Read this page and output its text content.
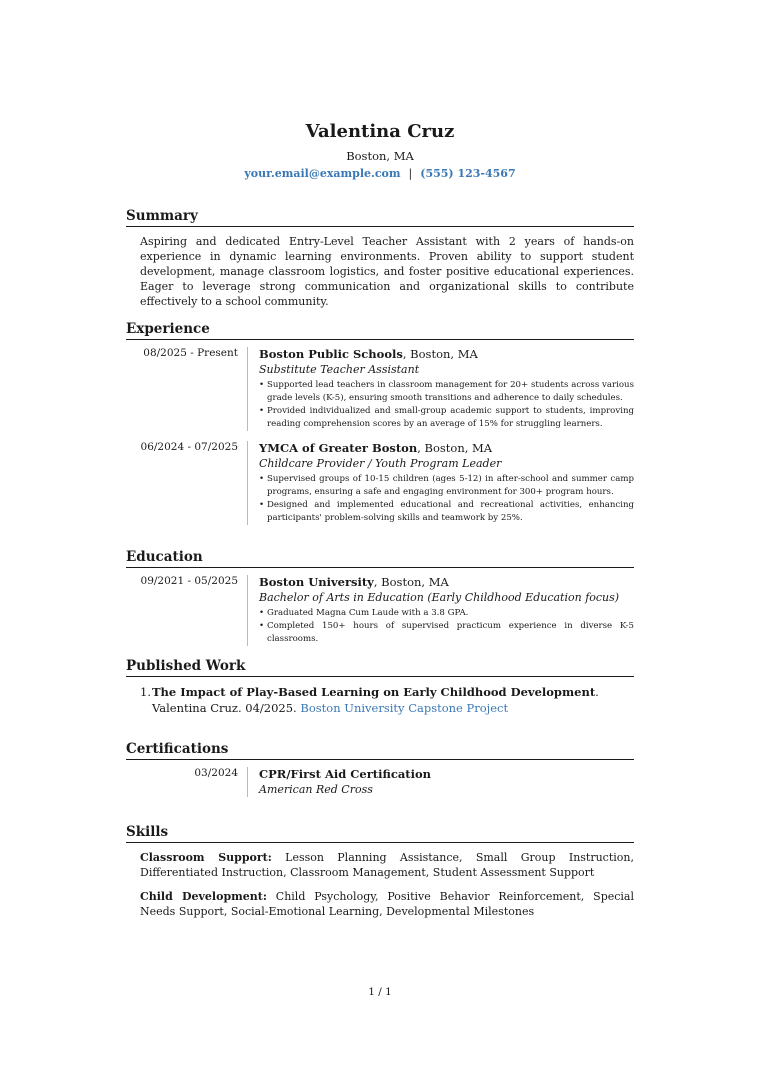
Valentina Cruz
Boston, MA
your.email@example.com | (555) 123-4567
Summary
Aspiring and dedicated Entry-Level Teacher Assistant with 2 years of hands-on experience in dynamic learning environments. Proven ability to support student development, manage classroom logistics, and foster positive educational experiences. Eager to leverage strong communication and organizational skills to contribute effectively to a school community.
Experience
08/2025 - Present Boston Public Schools, Boston, MA
Substitute Teacher Assistant
• Supported lead teachers in classroom management for 20+ students across various grade levels (K-5), ensuring smooth transitions and adherence to daily schedules.
• Provided individualized and small-group academic support to students, improving reading comprehension scores by an average of 15% for struggling learners.
06/2024 - 07/2025 YMCA of Greater Boston, Boston, MA
Childcare Provider / Youth Program Leader
• Supervised groups of 10-15 children (ages 5-12) in after-school and summer camp programs, ensuring a safe and engaging environment for 300+ program hours.
• Designed and implemented educational and recreational activities, enhancing participants' problem-solving skills and teamwork by 25%.
Education
09/2021 - 05/2025 Boston University, Boston, MA
Bachelor of Arts in Education (Early Childhood Education focus)
• Graduated Magna Cum Laude with a 3.8 GPA.
• Completed 150+ hours of supervised practicum experience in diverse K-5 classrooms.
Published Work
1. The Impact of Play-Based Learning on Early Childhood Development. Valentina Cruz. 04/2025. Boston University Capstone Project
Certifications
03/2024 CPR/First Aid Certification
American Red Cross
Skills
Classroom Support: Lesson Planning Assistance, Small Group Instruction, Differentiated Instruction, Classroom Management, Student Assessment Support
Child Development: Child Psychology, Positive Behavior Reinforcement, Special Needs Support, Social-Emotional Learning, Developmental Milestones
1 / 1
